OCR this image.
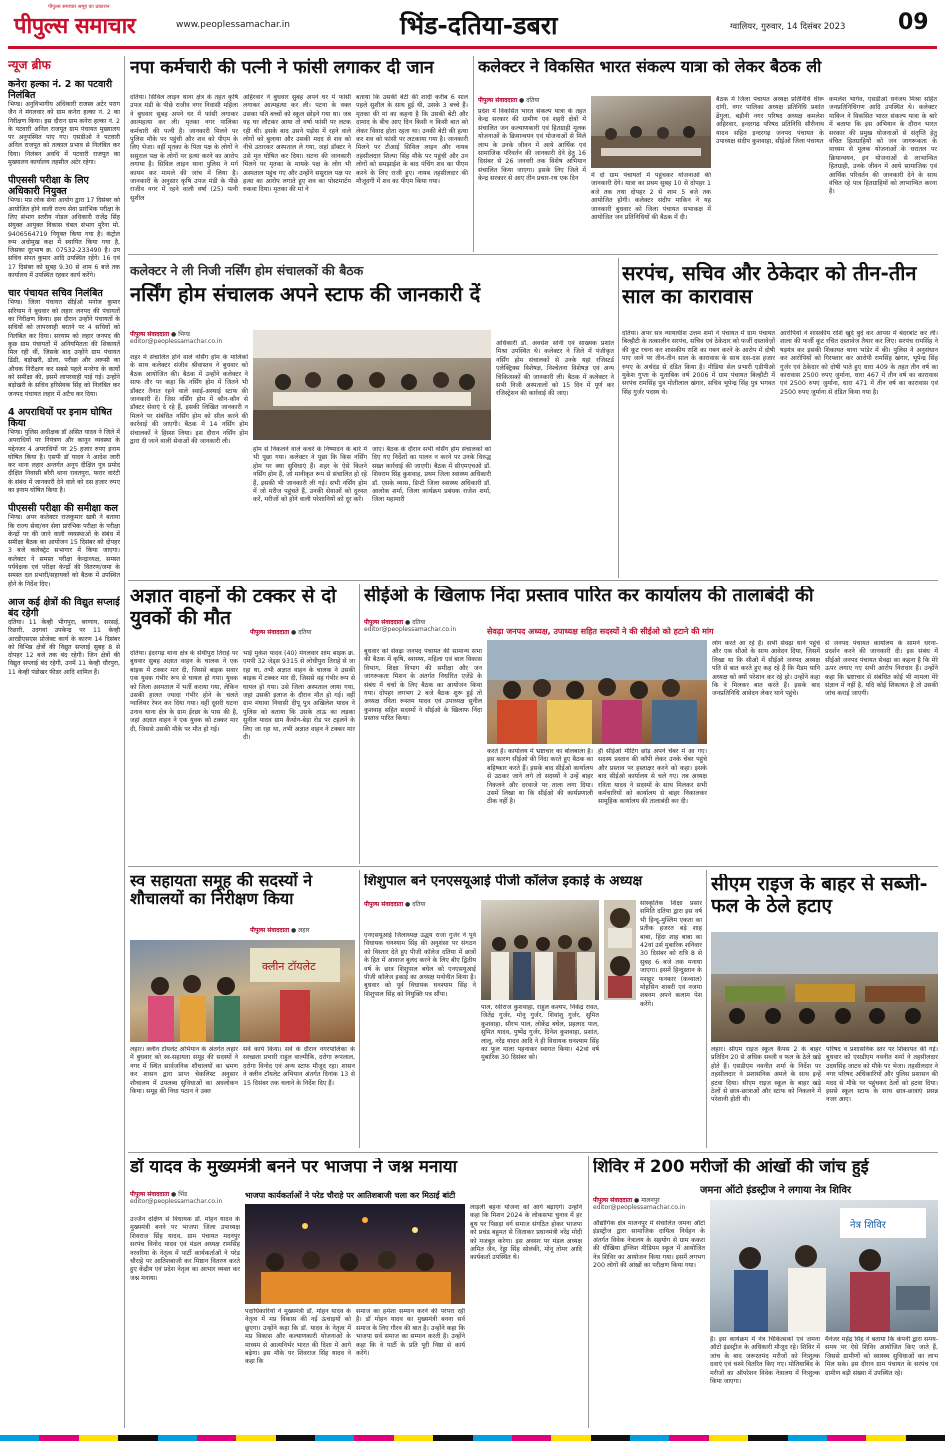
पीपुल्स समाचार समूह का प्रकाशन
पीपुल्स समाचार	www.peoplessamachar.in	भिंड-दतिया-डबरा	ग्वालियर, गुरुवार, 14 दिसंबर 2023 09
न्यूज ब्रीफ
कनेरा हल्का नं. 2 का पटवारी निलंबित
भिण्ड। अनुविभागीय अधिकारी राजस्व अटेर पराग जैन ने मंगलवार को ग्राम कनेरा हल्का नं. 2 का निरीक्षण किया। इस दौरान ग्राम कनेरा हल्का नं. 2 के पटवारी अनिल राजपूत ग्राम पंचायत मुख्यालय पर अनुपस्थित पाए गए। एसडीओ ने पटवारी अनिल राजपूत को तत्काल प्रभाव से निलंबित कर दिया। निलंबन अवधि में पटवारी राजपूत का मुख्यालय कार्यालय तहसील अटेर रहेगा।
पीएससी परीक्षा के लिए अधिकारी नियुक्त
भिण्ड। मप्र लोक सेवा आयोग द्वारा 17 दिसंबर को आयोजित होने वाली राज्य सेवा प्रारंभिक परीक्षा के लिए संभाग स्तरीय नोडल अधिकारी राजेंद्र सिंह संयुक्त आयुक्त विकास चंबल संभाग मुरैना मो. 9406564719 नियुक्त किया गया है। कंट्रोल रूम अधोमुख कक्ष में स्थापित किया गया है, जिसका दूरभाष क्र. 07532-233490 है। उप सचिव संपत कुमार आदि उपस्थित रहेंगे। 16 एवं 17 दिसंबर को सुबह 9.30 से शाम 6 बजे तक कार्यालय में उपस्थित रहकर कार्य करेंगे।
चार पंचायत सचिव निलंबित
भिण्ड। जिला पंचायत सीईओ मनोज कुमार सरियाम ने बुधवार को लहार जनपद की पंचायतों का निरीक्षण किया। इस दौरान उन्होंने पंचायतों के सचिवों को लापरवाही बरतने पर 4 सचिवों को निलंबित कर दिया। सरयाम को लहार जनपद की कुछ ग्राम पंचायतों में अनियमितता की शिकायतें मिल रही थीं, जिसके बाद उन्होंने ग्राम पंचायत ढिंढी, बड़ोखरी, ढोला, परीछा और अरूसी का औचक निरीक्षण कर सबसे पहले मनरेगा के कार्यों को समीक्षा की, इसमें लापरवाही पाई गई। उन्होंने बड़ोखरी के सचिव हरिसेवक सिंह को निलंबित कर जनपद पंचायत लहार में अटैच कर दिया।
4 अपराधियों पर इनाम घोषित किया
भिण्ड। पुलिस अधीक्षक डॉ असित यादव ने जिले में अपराधियों पर नियंत्रण और कानून व्यवस्था के मद्देनजर 4 अपराधियों पर 25 हजार रुपए इनाम घोषित किया है। एसपी डॉ यादव ने आदेश जारी कर थाना लहार अन्तर्गत अनूप दीक्षित पुत्र प्रमोद दीक्षित निवासी बरैरी थाना रावतपुरा, फरार वारंटी के संबंध में जानकारी देने वाले को दस हजार रुपए का इनाम घोषित किया है।
पीएससी परीक्षा की समीक्षा कल
भिण्ड। अपर कलेक्टर राजकुमार खत्री ने बताया कि राज्य सेवा/वन सेवा प्रारंभिक परीक्षा के परीक्षा केन्द्रों पर की जाने वाली व्यवस्थाओं के संबंध में समीक्षा बैठक का आयोजन 15 दिसंबर को दोपहर 3 बजे कलेक्ट्रेट सभागार में किया जाएगा। कलेक्टर ने समस्त परीक्षा केन्द्राध्यक्ष, समस्त पर्यवेक्षक एवं परीक्षा केन्द्रों की वितरण/जमा के समस्त दल प्रभारी/सहायकों को बैठक में उपस्थित होने के निर्देश दिए।
आज कई क्षेत्रों की विद्युत सप्लाई बंद रहेगी
दतिया। 11 केव्ही भीगपुरा, बरणाय, सरसई, रिछारी, उदगवां उपकेन्द्र पर 11 केव्ही आरडीएसएस प्रोजेक्ट कार्य के कारण 14 दिसंबर को विभिन्न क्षेत्रों की विद्युत सप्लाई सुबह 8 से दोपहर 12 बजे तक बंद रहेगी। जिन क्षेत्रों की विद्युत सप्लाई बंद रहेगी, उनमें 11 केव्ही धौरपुरा, 11 केव्ही पंडोखर फीडर आदि शामिल हैं।
नपा कर्मचारी की पत्नी ने फांसी लगाकर दी जान
दतिया। सिविल लाइन थाना क्षेत्र के तहत कृषि उपज मंडी के पीछे राजीव नगर निवासी महिला ने बुधवार सुबह अपने घर में फांसी लगाकर आत्महत्या कर ली। मृतका नगर पालिका कर्मचारी की पत्नी है। जानकारी मिलने पर पुलिस मौके पर पहुंची और शव को पीएम के लिए भेजा। वहीं मृतका के पिता पक्ष के लोगों ने ससुराल पक्ष के लोगों पर हत्या करने का आरोप लगाया है। सिविल लाइन थाना पुलिस ने मर्ग कायम कर मामले की जांच में लिया है। जानकारी के अनुसार कृषि उपज मंडी के पीछे राजीव नगर में रहने वाली वर्षा (25) पत्नी सुशील
अहिरवार ने बुधवार सुबह अपने घर में फांसी लगाकर आत्महत्या कर ली। पटना के वक्त उसका पति बच्चों को स्कूल छोड़ने गया था। जब वह घर लौटकर आया तो वर्षा फांसी पर लटक रही थी। इसके बाद उसने पड़ोस में रहने वाले लोगों को बुलाया और उसकी मदद से शव को नीचे उतारकर अस्पताल ले गया, जहां डॉक्टर ने उसे मृत घोषित कर दिया। घटना की जानकारी मिलने पर मृतका के मायके पक्ष के लोग भी अस्पताल पहुंच गए और उन्होंने ससुराल पक्ष पर हत्या का आरोप लगाते हुए शव का पोस्टमार्टम रुकवा दिया। मृतका की मां ने
बताया कि उसकी बेटी की शादी करीब 6 साल पहले सुशील के साथ हुई थी, उसके 3 बच्चे हैं। मृतका की मां का कहना है कि उसकी बेटी और दामाद के बीच आए दिन किसी न किसी बात को लेकर विवाद होता रहता था। उनकी बेटी की हत्या कर शव को फांसी पर लटकाया गया है। जानकारी मिलने पर टीआई सिविल लाइन और नायब तहसीलदार शिल्पा सिंह मौके पर पहुंची और उन लोगों को समझाईश के बाद पंचिंग शव का पीएम करने के लिए राजी हुए। नायब तहसीलदार की मौजूदगी में शव का पीएम किया गया।
कलेक्टर ने विकसित भारत संकल्प यात्रा को लेकर बैठक ली
पीपुल्स संवाददाता ● दतिया
प्रदेश में विकसित भारत संकल्प यात्रा के तहत केन्द्र सरकार की ग्रामीण एवं शहरी क्षेत्रों में संचालित जन कल्याणकारी एवं हितग्राही मूलक योजनाओं के क्रियान्वयन एवं योजनाओं से मिले लाभ के उनके जीवन में आये आर्थिक एवं सामाजिक परिवर्तन की जानकारी देने हेतु 16 दिसंबर से 26 जनवरी तक विशेष अभियान संचालित किया जाएगा। इसके लिए जिले में केन्द्र सरकार से आए तीन प्रचार-रथ एक दिन	में दो ग्राम पंचायतों में पहुंचकर योजनाओं की जानकारी देंगे। यात्रा का प्रथम सुबह 10 से दोपहर 1 बजे तक तथा दोपहर 2 से शाम 5 बजे तक आयोजित होगी। कलेक्टर संदीप माकिन ने यह जानकारी बुधवार को जिला पंचायत सभाकक्ष में आयोजित जन प्रतिनिधियों की बैठक में दी।
बैठक में जिला पंचायत अध्यक्ष प्रतिनिधि धीरू दांगी, नगर पालिका अध्यक्ष प्रतिनिधि प्रशांत ढेंगुला, बड़ौनी नगर परिषद अध्यक्ष कमलेश अहिरवार, इन्दरगढ़ परिषद प्रतिनिधि सौरीनाथ यादव सहित इन्दरगढ़ जनपद पंचायत के उपाध्यक्ष संदीप कुशवाहा, सीईओ जिला पंचायत
कमलेश भार्गव, एसडीओ धनंजय मिश्रा सहित जनप्रतिनिधिगण आदि उपस्थित थे। कलेक्टर माकिन ने विकसित भारत संकल्प यात्रा के बारे में बताया कि इस अभियान के दौरान भारत सरकार की प्रमुख योजनाओं से संतृप्ति हेतु वंचित हितग्राहियों को जन जागरूकता के माध्यम से मूलक योजनाओं के धरातल पर क्रियान्वयन, इन योजनाओं से लाभान्वित हितग्राही, उनके जीवन में आये सामाजिक एवं आर्थिक परिवर्तन की जानकारी देने के साथ वंचित रहे पात्र हितग्राहियों को लाभान्वित करना है।
कलेक्टर ने ली निजी नर्सिंग होम संचालकों की बैठक
नर्सिंग होम संचालक अपने स्टाफ की जानकारी दें
पीपुल्स संवाददाता ● भिण्ड
editor@peoplessamachar.co.in
शहर में संचालित होने वाले नर्सिंग होम के मालिकों के साथ कलेक्टर संजीव श्रीवास्तव ने बुधवार को बैठक आयोजित की। बैठक में उन्होंने कलेक्टर ने साफ तौर पर कहा कि नर्सिंग होम में जितने भी डॉक्टर तैनात रहने वाले स्वाई-अस्थाई स्टाफ की जानकारी दें। जिस नर्सिंग होम में कौन-कौन से डॉक्टर सेवाएं दे रहे हैं, इसकी लिखित जानकारी न मिलने पर संबंधित नर्सिंग होम को सील करने की कार्रवाई की जाएगी। बैठक में 14 नर्सिंग होम संचालकों ने हिस्सा लिया। इस दौरान नर्सिंग होम द्वारा दी जाने वाली सेवाओं की जानकारी ली।
होम से निकलने वाले कचरे के निष्पादन के बारे में भी पूछा गया। कलेक्टर ने पूछा कि किस नर्सिंग होम पर क्या सुविधाएं हैं। शहर के ऐसे कितने नर्सिंग होम हैं, जो मानीकृत रूप से संचालित हो रहे हैं, इसकी भी जानकारी ली गई। सभी नर्सिंग होम में जो मरीज पहुंचते हैं, उनकी सेवाओं को दुरुस्त करें, मरीजों को होने वाली परेशानियों को दूर करें।
जाए। बैठक के दौरान सभी नर्सिंग होम संचालकों को दिए गए निर्देशों का पालन न करने पर उनके विरुद्ध सख्त कार्रवाई की जाएगी। बैठक में सीएमएचओ डॉ. शिवराम सिंह कुशवाह, प्रथम जिला स्वास्थ्य अधिकारी डॉ. एसके व्यास, डिप्टी जिला स्वास्थ्य अधिकारी डॉ. आलोक शर्मा, जिला कार्यक्रम प्रबंधक राजेश शर्मा, जिला महामारी
अधिकारी डॉ. अवधेश सोनी एवं साख्यक प्रशांत मिश्रा उपस्थित थे। कलेक्टर ने जिले में पंजीकृत नर्सिंग होम संचालकों से उनके यहां रजिस्टर्ड एलेक्ट्रिक्स विशेषज्ञ, निश्चेतना विशेषज्ञ एवं अन्य चिकित्सकों की जानकारी ली। बैठक में कलेक्टर ने सभी निजी अस्पतालों को 15 दिन में पूर्ण कर रजिस्ट्रेशन की कार्रवाई की जाए।
सरपंच, सचिव और ठेकेदार को तीन-तीन साल का कारावास
दतिया। अपर सत्र न्यायाधीश उत्तम शर्मा ने पंचायत में ग्राम पंचायत बिल्हौटी के तत्कालीन सरपंच, सचिव एवं ठेकेदार को फर्जी दस्तावेज़ों की कूट रचना कर शासकीय राशि का गबन करने के आरोप में दोषी पाए जाने पर तीन-तीन साल के कारावास के साथ दस-दस हजार रुपए के अर्थदंड से दंडित किया है। मीडिया सेल प्रभारी एडीपीओ मुकेश गुप्ता के मुताबिक वर्ष 2006 में ग्राम पंचायत बिल्हौटी में सरपंच रामसिंह पुत्र मोतीलाल खंगार, सचिव भूपेन्द्र सिंह पुत्र भगवत सिंह गुर्जर पदस्थ थे।
आरोपियों ने शासकीय राशि खुर्द बुर्द कर आपस में बंदरबांट कर ली। शाला की फर्जी कूट रचित दस्तावेज तैयार कर लिए। सरपंच रामसिंह ने षड़यंत्र कर इसकी शिकायत थाना भांडेर में की। पुलिस ने अनुसंधान कर आरोपियों को गिरफ्तार कर आरोपी रामसिंह खंगार, भूपेन्द्र सिंह गुर्जर एवं ठेकेदार को दोषी पाते हुए धारा 409 के तहत तीन वर्ष का कारावास 2500 रुपए जुर्माना, धारा 467 में तीन वर्ष का कारावास एवं 2500 रुपए जुर्माना, धारा 471 में तीन वर्ष का कारावास एवं 2500 रुपए जुर्माना से दंडित किया गया है।
अज्ञात वाहनों की टक्कर से दो युवकों की मौत
पीपुल्स संवाददाता ● दतिया
दतिया। इंदरगढ़ थाना क्षेत्र के सेंथीपुरा तिराहे पर बुधवार सुबह अज्ञात वाहन के चालक ने एक बाइक में टक्कर मार दी, जिससे बाइक सवार एक युवक गंभीर रूप से घायल हो गया। युवक को जिला अस्पताल में भर्ती कराया गया, लेकिन उसकी हालत ज्यादा गंभीर होने के चलते ग्वालियर रेफर कर दिया गया। वहीं दूसरी घटना उनाव थाना क्षेत्र के ग्राम ईरछा के पास की है, जहां अज्ञात वाहन ने एक युवक को टक्कर मार दी, जिससे उसकी मौके पर मौत हो गई।
भाई मुकेश यादव (40) मंगलवार शाम बाइक क्र. एमपी 32 जेड्स 9315 से लोधीपुरा तिराहे से जा रहा था, तभी अज्ञात वाहन के चालक ने उसकी बाइक में टक्कर मार दी, जिससे वह गंभीर रूप से घायल हो गया। उसे जिला अस्पताल लाया गया, जहां उसकी इलाज के दौरान मौत हो गई। वहीं ग्राम मंघावा निवासी दीपू पुत्र अखिलेश यादव ने पुलिस को बताया कि उसके ताऊ का लड़का सुनील यादव ग्राम कैथोन-बेड़ा रोड पर टहलने के लिए जा रहा था, तभी अज्ञात वाहन ने टक्कर मार दी।
सीईओ के खिलाफ निंदा प्रस्ताव पारित कर कार्यालय की तालाबंदी की
पीपुल्स संवाददाता ● दतिया
editor@peoplessamachar.co.in
बुधवार को सेवढ़ा जनपद पंचायत की सामान्य सभा की बैठक में कृषि, स्वास्थ्य, महिला एवं बाल विकास विभाग, शिक्षा विभाग की समीक्षा और जन जागरूकता मिशन के अंतर्गत निर्धारित एजेंडे के संबंध में चर्चा के लिए बैठक का आयोजन किया गया। दोपहर लगभग 2 बजे बैठक शुरू हुई तो अध्यक्ष रविता रूस्तम यादव एवं उपाध्यक्ष सुनील कुशवाह सहित सदस्यों ने सीईओ के खिलाफ निंदा प्रस्ताव पारित किया।
सेवढ़ा जनपद अध्यक्ष, उपाध्यक्ष सहित सदस्यों ने की सीईओ को हटाने की मांग
करते हैं। कार्यालय में भ्रष्टाचार का बोलबाला है। इस कारण सीईओ की निंदा करते हुए बैठक का बहिष्कार करते हैं। इसके बाद सीईओ कार्यालय से उठकर जाने लगे तो सदस्यों ने उन्हें बाहर निकलने और दरवाजे पर ताला लगा दिया। उसमें लिखा था कि सीईओ की कार्यप्रणाली ठीक नहीं है।
ही सीईओ मीटिंग छोड़ अपने चेंबर में आ गए। सदस्य प्रस्ताव की कॉपी लेकर उनके चेंबर पहुंचे और प्रस्ताव पर हस्ताक्षर करने को कहा। इसके बाद सीईओ कार्यालय से चले गए। तब अध्यक्ष रविता यादव ने सदस्यों के साथ मिलकर सभी कर्मचारियों को कार्यालय से बाहर निकालकर सामूहिक कार्यालय की तालाबंदी कर दी।
लोग करते आ रहे हैं। सभी सेवढ़ा थाने पहुंचे और एक सीओ के साथ आवेदन दिया, जिसमें लिखा था कि सीओ में सीईओ जनपद अध्यक्ष पति से बात करते हुए कह रहे हैं कि मैडम यानि अध्यक्ष को क्यों परेशान कर रहे हो। उन्होंने कहा कि वे मिलकर बात करते हैं। इसके बाद जनप्रतिनिधि आवेदन लेकर थाने पहुंचे।
से जनपद पंचायत कार्यालय के सामने धरना-प्रदर्शन करने की जानकारी दी। इस संबंध में सीईओ जनपद पंचायत सेवढ़ा का कहना है कि मेरे ऊपर लगाए गए सभी आरोप निराधार हैं। उन्होंने कहा कि भ्रष्टाचार से संबंधित कोई भी मामला मेरे संज्ञान में नहीं है, यदि कोई शिकायत है तो उसकी जांच कराई जाएगी।
स्व सहायता समूह की सदस्यों ने शौचालयों का निरीक्षण किया
पीपुल्स संवाददाता ● लहार
क्लीन टॉयलेट
लहार। क्लीन टॉयलेट अभियान के अंतर्गत लहार में बुधवार को स्व-सहायता समूह की सदस्यों ने नगर में स्थित सार्वजनिक शौचालयों का भ्रमण कर शासन द्वारा प्राप्त चेकलिस्ट अनुसार शौचालय में उपलब्ध सुविधाओं का अवलोकन किया। समूह की निधा पठान ने उक्त
सर्वे कार्य किया। सर्वे के दौरान नगरपालिका के स्वच्छता प्रभारी राहुल वाल्मीकि, दरोगा रूपलाल, दरोगा विनोद एवं अन्य स्टाफ मौजूद रहा। शासन ने क्लीन टॉयलेट अभियान अंतर्गत दिनांक 13 से 15 दिसंबर तक चलाने के निर्देश दिए हैं।
शिशुपाल बने एनएसयूआई पीजी कॉलेज इकाई के अध्यक्ष
पीपुल्स संवाददाता ● दतिया
एनएसयूआई जिलाध्यक्ष उद्धय राजा गुर्जर ने पूर्व विधायक घनश्याम सिंह की अनुशंसा पर संगठन को विस्तार देते हुए पीजी कॉलेज दतिया में छात्रों के हित में आवाज बुलंद करने के लिए बीए द्वितीय वर्ष के छात्र शिशुपाल बघेल को एनएसयूआई पीजी कॉलेज इकाई का अध्यक्ष मनोनीत किया है। बुधवार को पूर्व विधायक घनश्याम सिंह ने शिशुपाल सिंह को नियुक्ति पत्र सौंपा।
पाल, रवीराज कुशवाहा, राहुल कश्यप, निकेंद्र रावत, जितेंद्र गुर्जर, मोनू गुर्जर, शिवांशु गुर्जर, सुमित कुशवाहा, सौरभ पाल, लोकेंद्र बघेल, प्रहलाद पाल, सुमित यादव, पुष्पेंद्र गुर्जर, दिनेश कुशवाहा, प्रशांत, लालू, नरेंद्र यादव आदि ने ही विधायक घनश्याम सिंह का फूल माला पहनाकर स्वागत किया। 42वां वर्ष मुबारिक 30 दिसंबर को।
सांस्कृतिक शिक्षा प्रसार समिति दतिया द्वारा इस वर्ष भी हिन्दू-मुस्लिम एकता का प्रतीक हजरत बड़े शाह बाबा, हिंदा शाह बाबा का 42वां उर्स मुबारिक शनिवार 30 दिसंबर को रात्रि 8 से सुबह 6 बजे तक मनाया जाएगा। इसमें हिन्दुस्तान के मशहूर फनकार (कव्वाल) मोहसिन शाबरी एवं नजमा शबनम अपने कलाम पेश करेंगे।
सीएम राइज के बाहर से सब्जी-फल के ठेले हटाए
लहार। सीएम राइज स्कूल कैंपस 2 के बाहर प्रतिदिन 20 से अधिक सब्जी व फल के ठेले खड़े होते हैं। एसडीएम नवनीत शर्मा के निर्देश पर तहसीलदार ने प्रशासनिक अमले के साथ इन्हें हटवा दिया। सीएम राइज स्कूल के बाहर खड़े ठेलों से छात्र-छात्राओं और स्टाफ को निकलने में परेशानी होती थी।
परिषद व प्रशासनिक स्तर पर शिकायत की गई। बुधवार को एसडीएम नवनीत शर्मा ने तहसीलदार उदयसिंह जाटव को मौके पर भेजा। तहसीलदार ने नगर परिषद अधिकारियों और पुलिस प्रशासन की मदद से मौके पर पहुंचकर ठेलों को हटवा दिया। इससे स्कूल स्टाफ के साथ छात्र-छात्राएं प्रसन्न नजर आए।
डॉ यादव के मुख्यमंत्री बनने पर भाजपा ने जश्न मनाया
पीपुल्स संवाददाता ● भिंड
editor@peoplessamachar.co.in
उज्जैन दक्षिण से विधायक डॉ. मोहन यादव के मुख्यमंत्री बनने पर भाजपा जिला उपाध्यक्ष शिवराज सिंह यादव, ग्राम पंचायत मदनपुर सरपंच विनोद यादव एवं मंडल अध्यक्ष रामसिंह नरवरिया के नेतृत्व में पार्टी कार्यकर्ताओं ने परेड चौराहे पर आतिशबाजी कर मिष्ठान वितरण करते हुए केंद्रीय एवं प्रदेश नेतृत्व का आभार व्यक्त कर जश्न मनाया।
भाजपा कार्यकर्ताओं ने परेड चौराहे पर आतिशबाजी चला कर मिठाई बांटी
पदाधिकारियों ने मुख्यमंत्री डॉ. मोहन यादव के नेतृत्व में मप्र विकास की नई ऊंचाइयों को छूएगा। उन्होंने कहा कि डॉ. यादव के नेतृत्व में मप्र विकास और कल्याणकारी योजनाओं के माध्यम से आत्मनिर्भर भारत की दिशा में आगे बढ़ेगा। इस मौके पर शिवराज सिंह यादव ने कहा कि
समाज का हमेशा सम्मान करने की परंपरा रही है। डॉ मोहन यादव का मुख्यमंत्री बनना सर्व समाज के लिए गौरव की बात है। उन्होंने कहा कि भाजपा सर्व समाज का सम्मान करती है। उन्होंने कहा कि वे पार्टी के प्रति पूरी निष्ठा से कार्य करेंगे।
लाड़ली बहना योजना को आगे बढ़ाएंगे। उन्होंने कहा कि मिशन 2024 के लोकसभा चुनाव में हर बूथ पर पिछड़ा वर्ग समाज संगठित होकर भाजपा को प्रचंड बहुमत से जिताकर प्रधानमंत्री नरेंद्र मोदी को मजबूत करेगा। इस अवसर पर मंडल अध्यक्ष अमित जैन, रेड्डा सिंह सोलंकी, मोनू तोमर आदि कार्यकर्ता उपस्थित थे।
शिविर में 200 मरीजों की आंखों की जांच हुई
जमना ऑटो इंडस्ट्रीज ने लगाया नेत्र शिविर
पीपुल्स संवाददाता ● मालनपुर
editor@peoplessamachar.co.in
औद्योगिक क्षेत्र मालनपुर में संचालित जमना ऑटो इंडस्ट्रीज द्वारा सामाजिक दायित्व निर्वहन के अंतर्गत विवेक नेत्रालय के सहयोग से ग्राम ककरा की धौखिया इंग्लिश मीडियम स्कूल में आयोजित नेत्र शिविर का आयोजन किया गया। इसमें लगभग 200 लोगों की आंखों का परीक्षण किया गया।
नेत्र शिविर
है। इस कार्यक्रम में नेत्र चिकित्सकों एवं जमना ऑटो इंडस्ट्रीज के अधिकारी मौजूद रहे। शिविर में जांच के बाद जरूरतमंद मरीजों को निःशुल्क दवाएं एवं चश्मे वितरित किए गए। मोतियाबिंद के मरीजों का ऑपरेशन विवेक नेत्रालय में निःशुल्क किया जाएगा।
मैनेजर महेंद्र सिंह ने बताया कि कंपनी द्वारा समय-समय पर ऐसे शिविर आयोजित किए जाते हैं, जिससे ग्रामीणों को स्वास्थ्य सुविधाओं का लाभ मिल सके। इस दौरान ग्राम पंचायत के सरपंच एवं ग्रामीण बड़ी संख्या में उपस्थित रहे।
